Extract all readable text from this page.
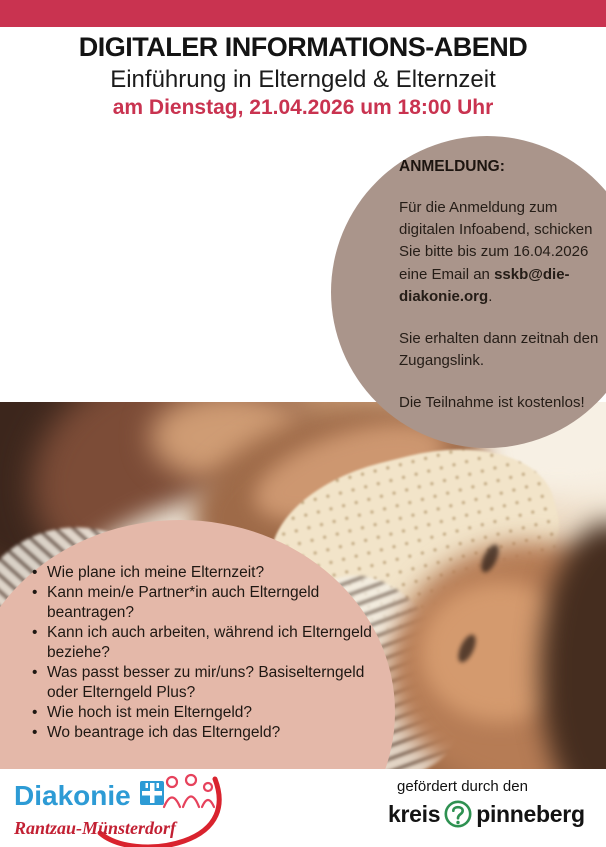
DIGITALER INFORMATIONS-ABEND
Einführung in Elterngeld & Elternzeit
am Dienstag, 21.04.2026 um 18:00 Uhr
ANMELDUNG:

Für die Anmeldung zum digitalen Infoabend, schicken Sie bitte bis zum 16.04.2026 eine Email an sskb@die-diakonie.org.

Sie erhalten dann zeitnah den Zugangslink.

Die Teilnahme ist kostenlos!

• Wie plane ich meine Elternzeit?
• Kann mein/e Partner*in auch Elterngeld beantragen?
• Kann ich auch arbeiten, während ich Elterngeld beziehe?
• Was passt besser zu mir/uns? Basiselterngeld oder Elterngeld Plus?
• Wie hoch ist mein Elterngeld?
• Wo beantrage ich das Elterngeld?
Diakonie
Rantzau-Münsterdorf
gefördert durch den
kreis pinneberg
